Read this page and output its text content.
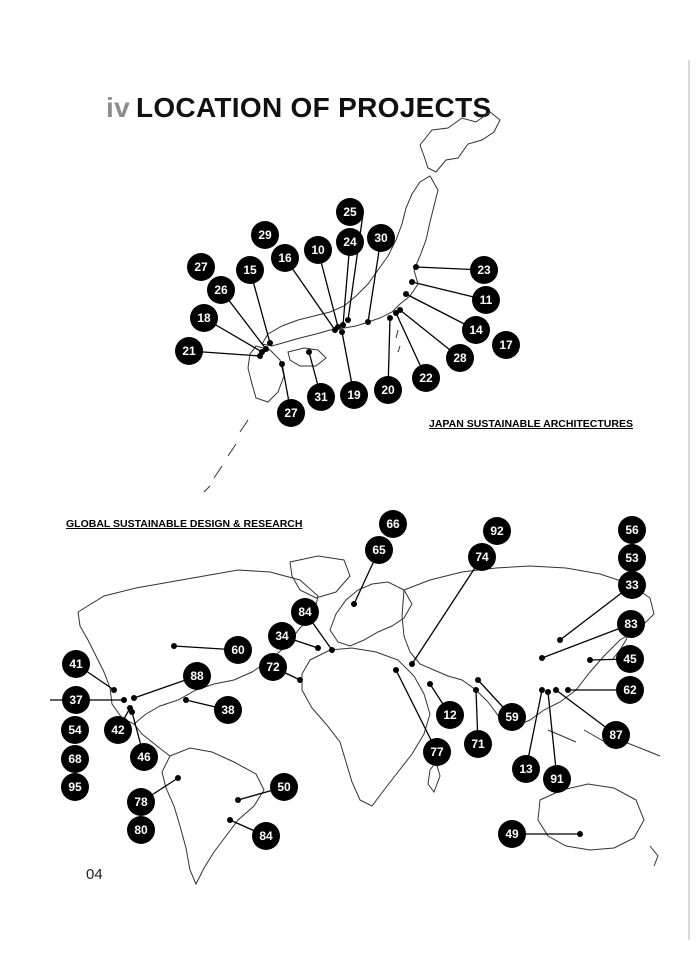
iv LOCATION OF PROJECTS
25
29
10
24 30
16
27	15	23
26
11
18
14
17
21	28
22
20
31 19
27
66	92	56
65	74	53
33
84
83
34
60
45
41	72
88
62
37
38	12	59
42	87
54
77
71
46
68
13
91
95	50
78
84
80	49
JAPAN SUSTAINABLE ARCHITECTURES
GLOBAL SUSTAINABLE DESIGN & RESEARCH
04
